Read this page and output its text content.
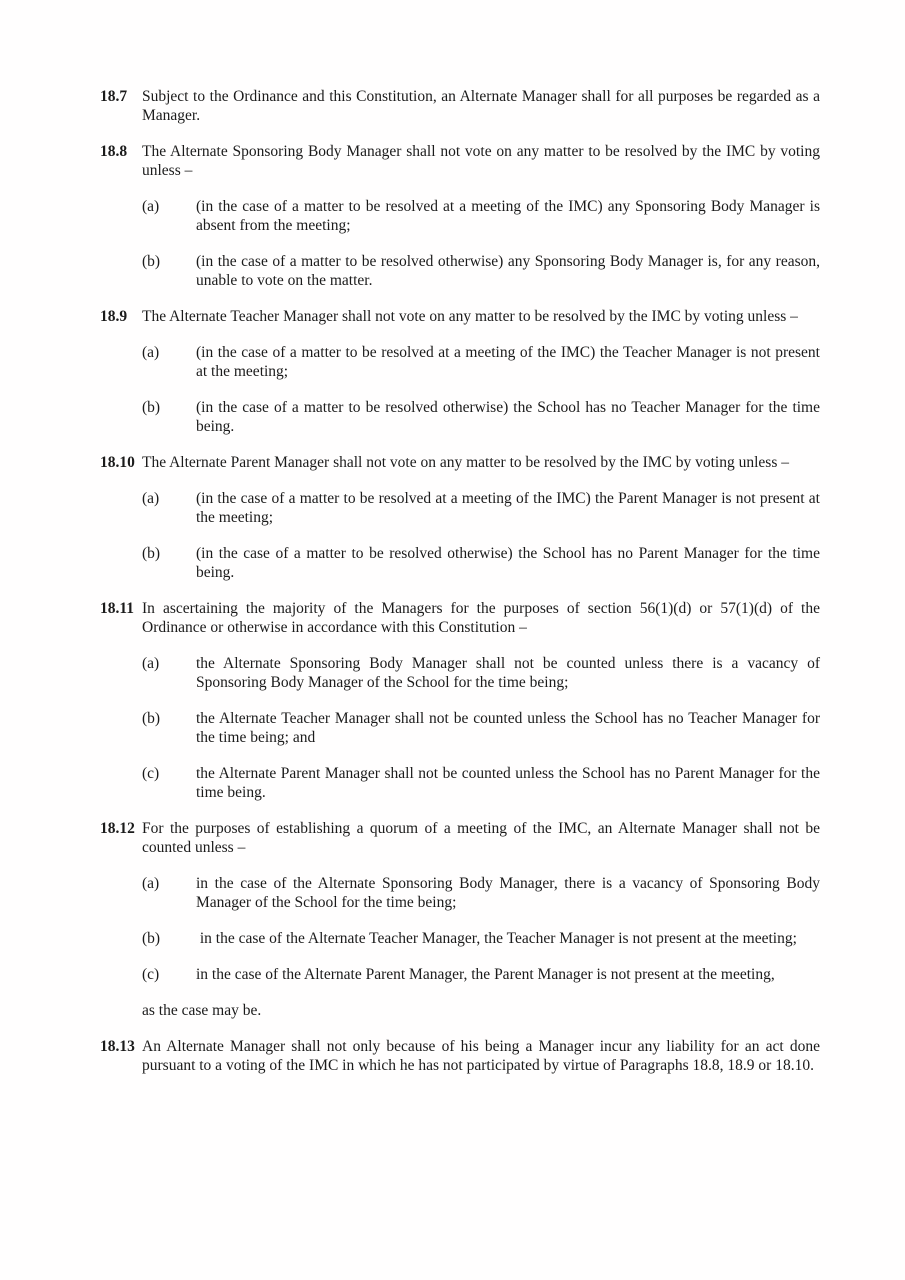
18.7 Subject to the Ordinance and this Constitution, an Alternate Manager shall for all purposes be regarded as a Manager.
18.8 The Alternate Sponsoring Body Manager shall not vote on any matter to be resolved by the IMC by voting unless –
(a)	(in the case of a matter to be resolved at a meeting of the IMC) any Sponsoring Body Manager is absent from the meeting;
(b)	(in the case of a matter to be resolved otherwise) any Sponsoring Body Manager is, for any reason, unable to vote on the matter.
18.9 The Alternate Teacher Manager shall not vote on any matter to be resolved by the IMC by voting unless –
(a)	(in the case of a matter to be resolved at a meeting of the IMC) the Teacher Manager is not present at the meeting;
(b)	(in the case of a matter to be resolved otherwise) the School has no Teacher Manager for the time being.
18.10 The Alternate Parent Manager shall not vote on any matter to be resolved by the IMC by voting unless –
(a)	(in the case of a matter to be resolved at a meeting of the IMC) the Parent Manager is not present at the meeting;
(b)	(in the case of a matter to be resolved otherwise) the School has no Parent Manager for the time being.
18.11 In ascertaining the majority of the Managers for the purposes of section 56(1)(d) or 57(1)(d) of the Ordinance or otherwise in accordance with this Constitution –
(a)	the Alternate Sponsoring Body Manager shall not be counted unless there is a vacancy of Sponsoring Body Manager of the School for the time being;
(b)	the Alternate Teacher Manager shall not be counted unless the School has no Teacher Manager for the time being; and
(c)	the Alternate Parent Manager shall not be counted unless the School has no Parent Manager for the time being.
18.12 For the purposes of establishing a quorum of a meeting of the IMC, an Alternate Manager shall not be counted unless –
(a)	in the case of the Alternate Sponsoring Body Manager, there is a vacancy of Sponsoring Body Manager of the School for the time being;
(b)	in the case of the Alternate Teacher Manager, the Teacher Manager is not present at the meeting;
(c)	in the case of the Alternate Parent Manager, the Parent Manager is not present at the meeting,
as the case may be.
18.13 An Alternate Manager shall not only because of his being a Manager incur any liability for an act done pursuant to a voting of the IMC in which he has not participated by virtue of Paragraphs 18.8, 18.9 or 18.10.
